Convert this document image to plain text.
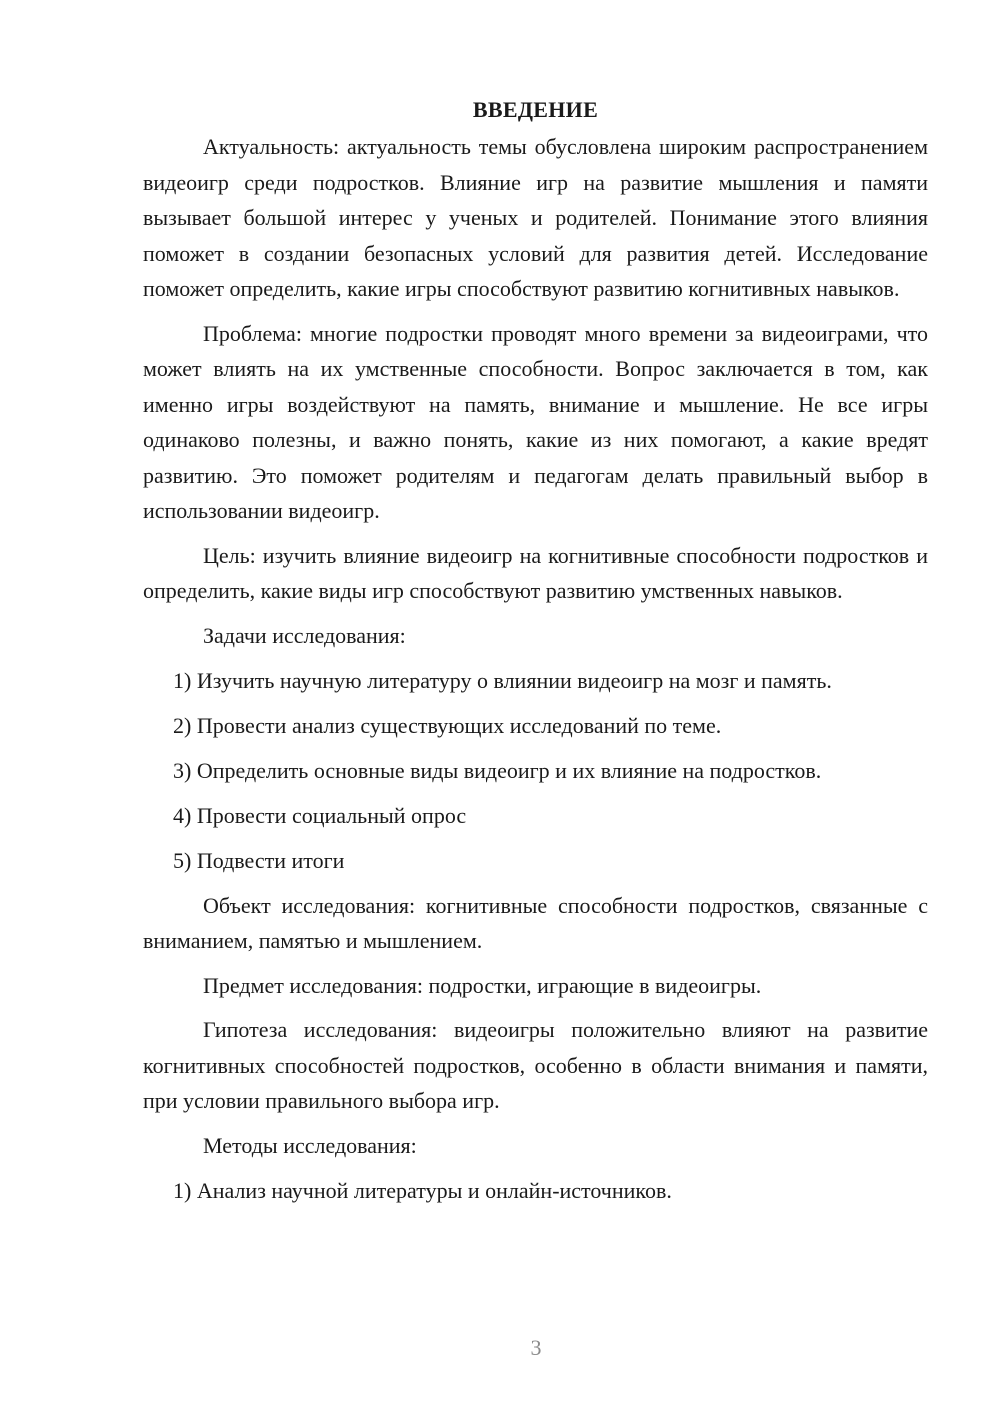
ВВЕДЕНИЕ

Актуальность: актуальность темы обусловлена широким распространением видеоигр среди подростков. Влияние игр на развитие мышления и памяти вызывает большой интерес у ученых и родителей. Понимание этого влияния поможет в создании безопасных условий для развития детей. Исследование поможет определить, какие игры способствуют развитию когнитивных навыков.

Проблема: многие подростки проводят много времени за видеоиграми, что может влиять на их умственные способности. Вопрос заключается в том, как именно игры воздействуют на память, внимание и мышление. Не все игры одинаково полезны, и важно понять, какие из них помогают, а какие вредят развитию. Это поможет родителям и педагогам делать правильный выбор в использовании видеоигр.

Цель: изучить влияние видеоигр на когнитивные способности подростков и определить, какие виды игр способствуют развитию умственных навыков.

Задачи исследования:

1) Изучить научную литературу о влиянии видеоигр на мозг и память.

2) Провести анализ существующих исследований по теме.

3) Определить основные виды видеоигр и их влияние на подростков.

4) Провести социальный опрос

5) Подвести итоги

Объект исследования: когнитивные способности подростков, связанные с вниманием, памятью и мышлением.

Предмет исследования: подростки, играющие в видеоигры.

Гипотеза исследования: видеоигры положительно влияют на развитие когнитивных способностей подростков, особенно в области внимания и памяти, при условии правильного выбора игр.

Методы исследования:

1) Анализ научной литературы и онлайн-источников.

3
